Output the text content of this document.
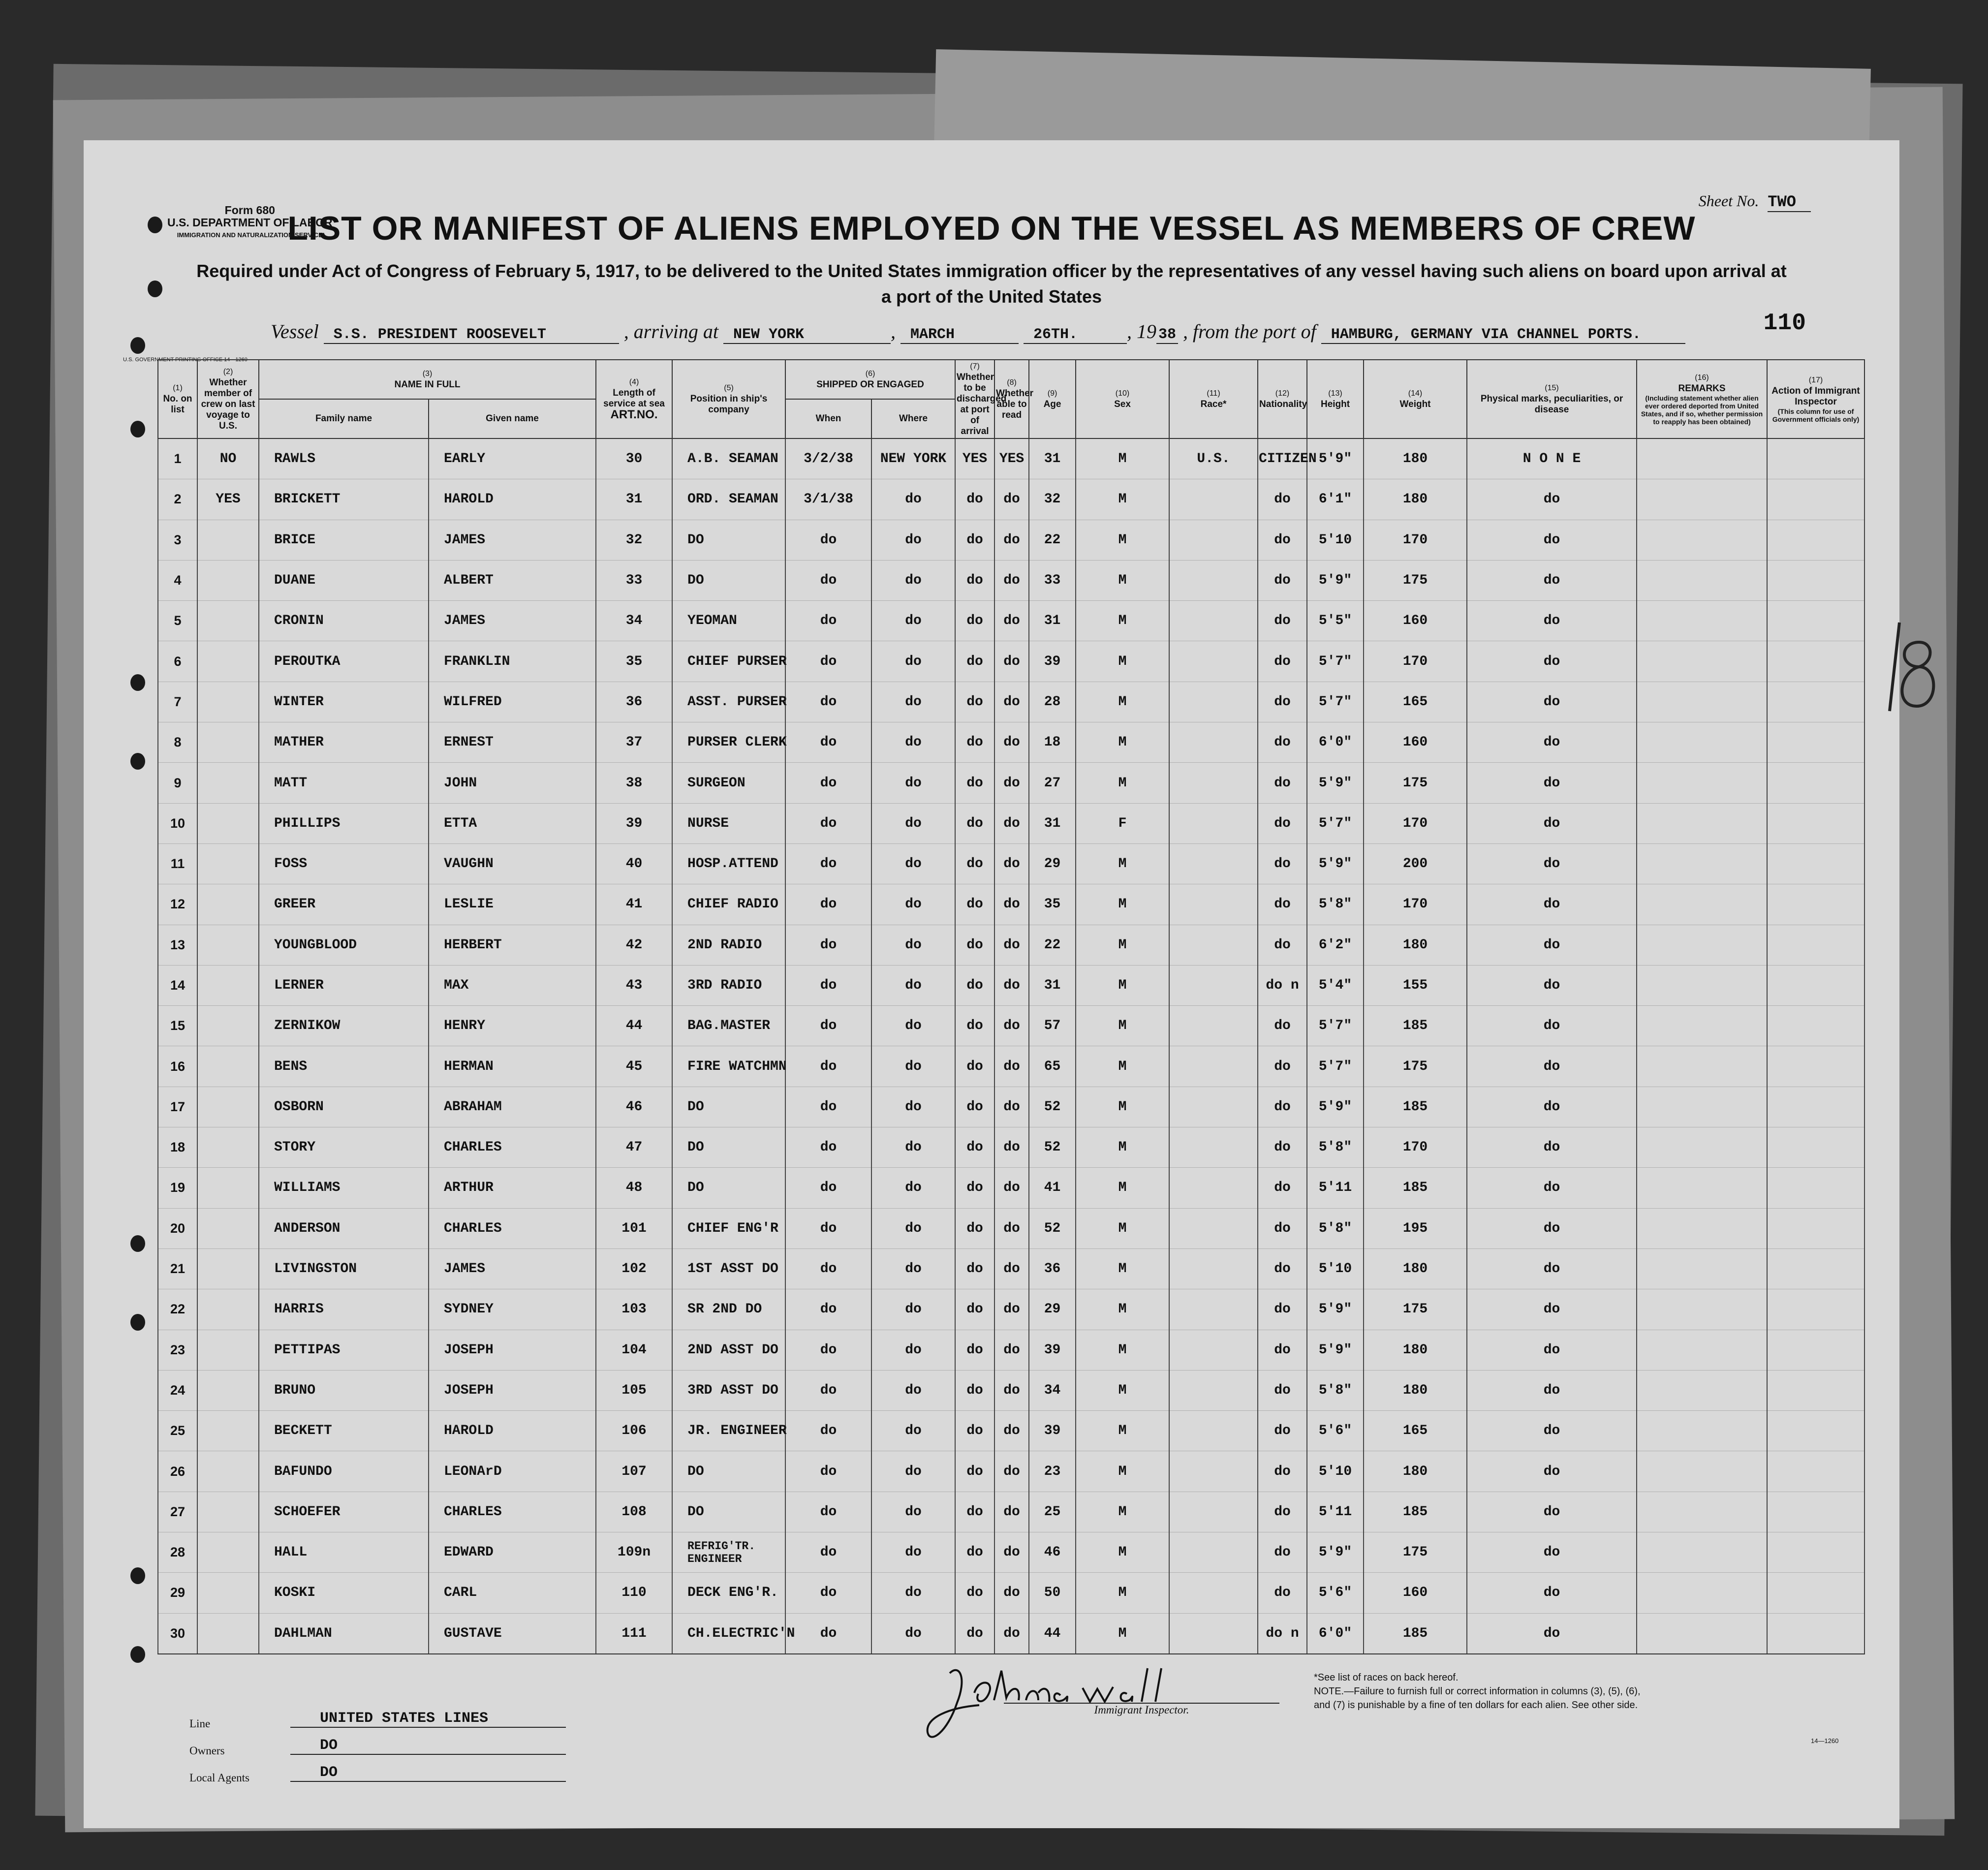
Form 680
U.S. DEPARTMENT OF LABOR
IMMIGRATION AND NATURALIZATION SERVICE
Sheet No. TWO
LIST OR MANIFEST OF ALIENS EMPLOYED ON THE VESSEL AS MEMBERS OF CREW
Required under Act of Congress of February 5, 1917, to be delivered to the United States immigration officer by the representatives of any vessel having such aliens on board upon arrival at a port of the United States
Vessel S.S. PRESIDENT ROOSEVELT	, arriving at NEW YORK	, MARCH	26TH. , 19 38 , from the port of HAMBURG, GERMANY VIA CHANNEL PORTS.	110
U.S. GOVERNMENT PRINTING OFFICE 14—1260
(1)
No. on list	(2)
Whether member of crew on last voyage to U.S.	(3)
NAME IN FULL		(4)
Length of service at sea
ART.NO.	(5)
Position in ship's company	(6)
SHIPPED OR ENGAGED		(7)
Whether to be discharged at port of arrival	(8)
Whether able to read	(9)
Age	(10)
Sex	(11)
Race*	(12)
Nationality	(13)
Height	(14)
Weight	(15)
Physical marks, peculiarities, or disease	(16)
REMARKS

(Including statement whether alien ever ordered deported from United States, and if so, whether permission to reapply has been obtained)	(17)
Action of Immigrant Inspector

(This column for use of Government officials only)

		Family name	Given name			When	Where											
1	NO	RAWLS	EARLY	30	A.B. SEAMAN	3/2/38	NEW YORK	YES	YES	31	M	U.S.	CITIZEN	5'9"	180	N O N E		
2	YES	BRICKETT	HAROLD	31	ORD. SEAMAN	3/1/38	do	do	do	32	M		do	6'1"	180	do		
3		BRICE	JAMES	32	DO	do	do	do	do	22	M		do	5'10	170	do		
4		DUANE	ALBERT	33	DO	do	do	do	do	33	M		do	5'9"	175	do		
5		CRONIN	JAMES	34	YEOMAN	do	do	do	do	31	M		do	5'5"	160	do		
6		PEROUTKA	FRANKLIN	35	CHIEF PURSER	do	do	do	do	39	M		do	5'7"	170	do		
7		WINTER	WILFRED	36	ASST. PURSER	do	do	do	do	28	M		do	5'7"	165	do		
8		MATHER	ERNEST	37	PURSER CLERK	do	do	do	do	18	M		do	6'0"	160	do		
9		MATT	JOHN	38	SURGEON	do	do	do	do	27	M		do	5'9"	175	do		
10		PHILLIPS	ETTA	39	NURSE	do	do	do	do	31	F		do	5'7"	170	do		
11		FOSS	VAUGHN	40	HOSP.ATTEND	do	do	do	do	29	M		do	5'9"	200	do		
12		GREER	LESLIE	41	CHIEF RADIO	do	do	do	do	35	M		do	5'8"	170	do		
13		YOUNGBLOOD	HERBERT	42	2ND RADIO	do	do	do	do	22	M		do	6'2"	180	do		
14		LERNER	MAX	43	3RD RADIO	do	do	do	do	31	M		do n	5'4"	155	do		
15		ZERNIKOW	HENRY	44	BAG.MASTER	do	do	do	do	57	M		do	5'7"	185	do		
16		BENS	HERMAN	45	FIRE WATCHMN	do	do	do	do	65	M		do	5'7"	175	do		
17		OSBORN	ABRAHAM	46	DO	do	do	do	do	52	M		do	5'9"	185	do		
18		STORY	CHARLES	47	DO	do	do	do	do	52	M		do	5'8"	170	do		
19		WILLIAMS	ARTHUR	48	DO	do	do	do	do	41	M		do	5'11	185	do		
20		ANDERSON	CHARLES	101	CHIEF ENG'R	do	do	do	do	52	M		do	5'8"	195	do		
21		LIVINGSTON	JAMES	102	1ST ASST DO	do	do	do	do	36	M		do	5'10	180	do		
22		HARRIS	SYDNEY	103	SR 2ND DO	do	do	do	do	29	M		do	5'9"	175	do		
23		PETTIPAS	JOSEPH	104	2ND ASST DO	do	do	do	do	39	M		do	5'9"	180	do		
24		BRUNO	JOSEPH	105	3RD ASST DO	do	do	do	do	34	M		do	5'8"	180	do		
25		BECKETT	HAROLD	106	JR. ENGINEER	do	do	do	do	39	M		do	5'6"	165	do		
26		BAFUNDO	LEONArD	107	DO	do	do	do	do	23	M		do	5'10	180	do		
27		SCHOEFER	CHARLES	108	DO	do	do	do	do	25	M		do	5'11	185	do		
28		HALL	EDWARD	109n	REFRIG'TR. ENGINEER	do	do	do	do	46	M		do	5'9"	175	do		
29		KOSKI	CARL	110	DECK ENG'R.	do	do	do	do	50	M		do	5'6"	160	do		
30		DAHLMAN	GUSTAVE	111	CH.ELECTRIC'N	do	do	do	do	44	M		do n	6'0"	185	do		
Line	UNITED STATES LINES
Owners	DO
Local Agents	DO
Immigrant Inspector.
*See list of races on back hereof.
NOTE.—Failure to furnish full or correct information in columns (3), (5), (6), and (7) is punishable by a fine of ten dollars for each alien. See other side.
14—1260
